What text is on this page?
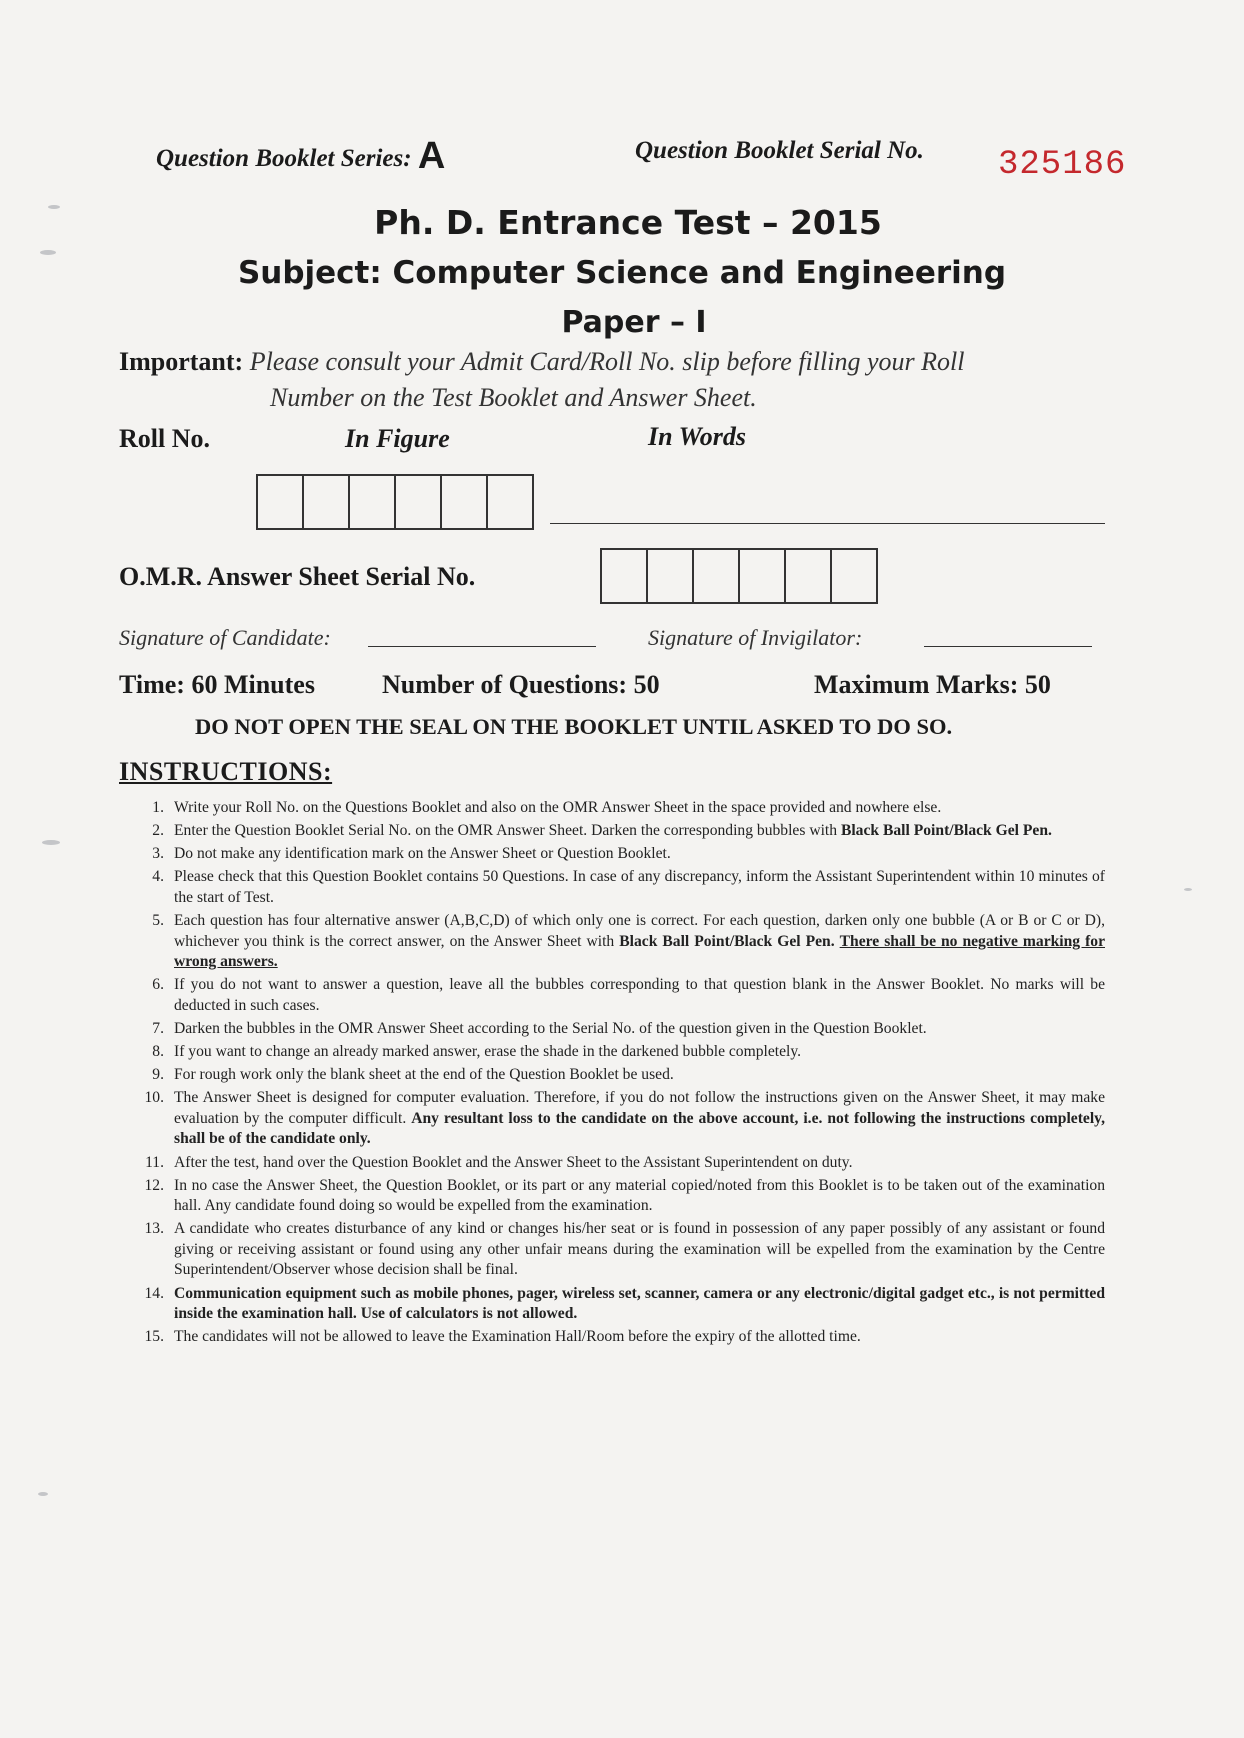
Question Booklet Series: A	Question Booklet Serial No. 325186
Ph. D. Entrance Test – 2015
Subject: Computer Science and Engineering
Paper – I
Important: Please consult your Admit Card/Roll No. slip before filling your Roll
Number on the Test Booklet and Answer Sheet.
Roll No.	In Figure	In Words
O.M.R. Answer Sheet Serial No.
Signature of Candidate:	Signature of Invigilator:
Time: 60 Minutes	Number of Questions: 50	Maximum Marks: 50
DO NOT OPEN THE SEAL ON THE BOOKLET UNTIL ASKED TO DO SO.
INSTRUCTIONS:
1. Write your Roll No. on the Questions Booklet and also on the OMR Answer Sheet in the space provided and nowhere else.
2. Enter the Question Booklet Serial No. on the OMR Answer Sheet. Darken the corresponding bubbles with Black Ball Point/Black Gel Pen.
3. Do not make any identification mark on the Answer Sheet or Question Booklet.
4. Please check that this Question Booklet contains 50 Questions. In case of any discrepancy, inform the Assistant Superintendent within 10 minutes of the start of Test.
5. Each question has four alternative answer (A,B,C,D) of which only one is correct. For each question, darken only one bubble (A or B or C or D), whichever you think is the correct answer, on the Answer Sheet with Black Ball Point/Black Gel Pen. There shall be no negative marking for wrong answers.
6. If you do not want to answer a question, leave all the bubbles corresponding to that question blank in the Answer Booklet. No marks will be deducted in such cases.
7. Darken the bubbles in the OMR Answer Sheet according to the Serial No. of the question given in the Question Booklet.
8. If you want to change an already marked answer, erase the shade in the darkened bubble completely.
9. For rough work only the blank sheet at the end of the Question Booklet be used.
10. The Answer Sheet is designed for computer evaluation. Therefore, if you do not follow the instructions given on the Answer Sheet, it may make evaluation by the computer difficult. Any resultant loss to the candidate on the above account, i.e. not following the instructions completely, shall be of the candidate only.
11. After the test, hand over the Question Booklet and the Answer Sheet to the Assistant Superintendent on duty.
12. In no case the Answer Sheet, the Question Booklet, or its part or any material copied/noted from this Booklet is to be taken out of the examination hall. Any candidate found doing so would be expelled from the examination.
13. A candidate who creates disturbance of any kind or changes his/her seat or is found in possession of any paper possibly of any assistant or found giving or receiving assistant or found using any other unfair means during the examination will be expelled from the examination by the Centre Superintendent/Observer whose decision shall be final.
14. Communication equipment such as mobile phones, pager, wireless set, scanner, camera or any electronic/digital gadget etc., is not permitted inside the examination hall. Use of calculators is not allowed.
15. The candidates will not be allowed to leave the Examination Hall/Room before the expiry of the allotted time.
